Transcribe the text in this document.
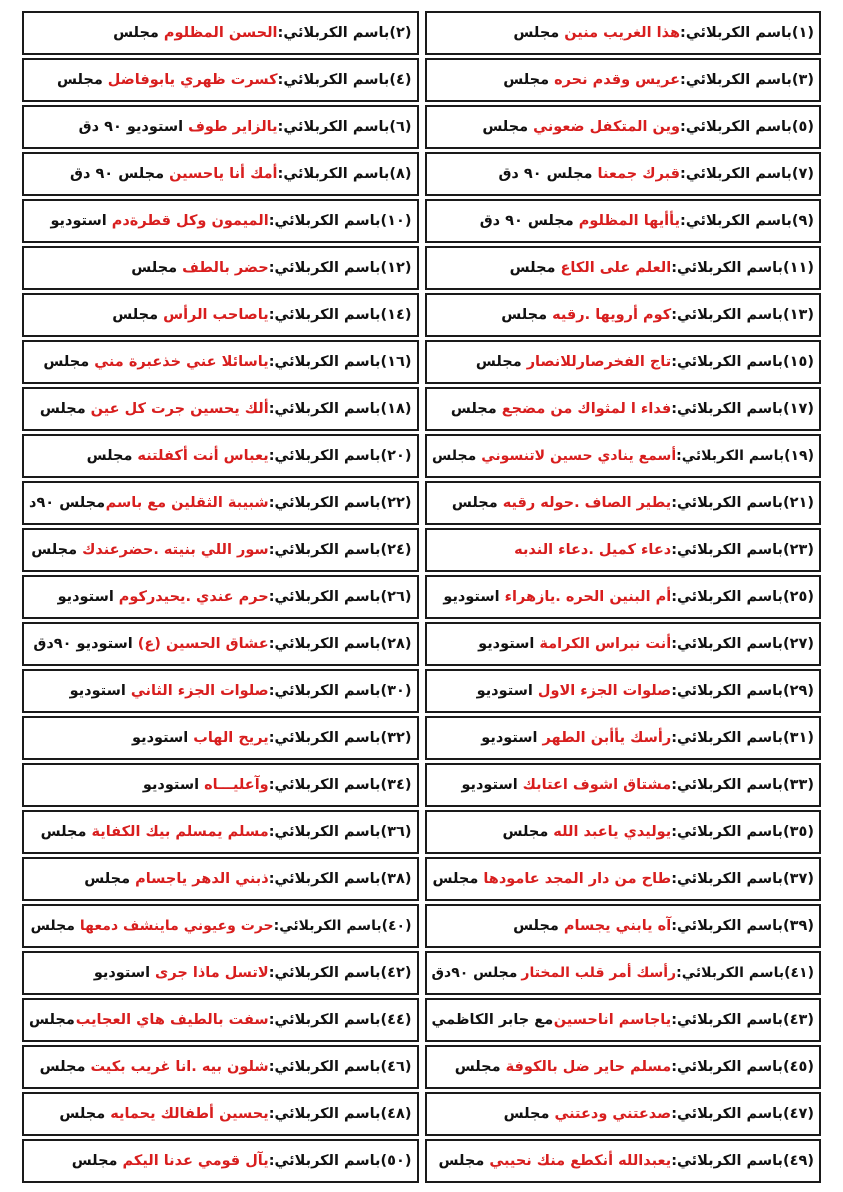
(١)
باسم الكربلائي
:
هذا الغريب منين
مجلس
(٢)
باسم الكربلائي
:
الحسن المظلوم
مجلس
(٣)
باسم الكربلائي
:
عريس وقدم نحره
مجلس
(٤)
باسم الكربلائي
:
كسرت ظهري يابوفاضل
مجلس
(٥)
باسم الكربلائي
:
وين المتكفل ضعوني
مجلس
(٦)
باسم الكربلائي
:
يالزاير طوف
استوديو ٩٠ دق
(٧)
باسم الكربلائي
:
قبرك جمعنا
مجلس ٩٠ دق
(٨)
باسم الكربلائي
:
أمك أنا ياحسين
مجلس ٩٠ دق
(٩)
باسم الكربلائي
:
يأأيها المظلوم
مجلس ٩٠ دق
(١٠)
باسم الكربلائي
:
الميمون وكل قطرةدم
استوديو
(١١)
باسم الكربلائي
:
العلم على الكاع
مجلس
(١٢)
باسم الكربلائي
:
حضر بالطف
مجلس
(١٣)
باسم الكربلائي
:
كوم أرويها .رقيه
مجلس
(١٤)
باسم الكربلائي
:
ياصاحب الرأس
مجلس
(١٥)
باسم الكربلائي
:
تاج الفخرصارللانصار
مجلس
(١٦)
باسم الكربلائي
:
ياسائلا عني خذعبرة مني
مجلس
(١٧)
باسم الكربلائي
:
فداء ا لمثواك من مضجع
مجلس
(١٨)
باسم الكربلائي
:
ألك يحسين جرت كل عين
مجلس
(١٩)
باسم الكربلائي
:
أسمع ينادي حسين لاتنسوني
مجلس
(٢٠)
باسم الكربلائي
:
يعباس أنت أكفلتنه
مجلس
(٢١)
باسم الكربلائي
:
يطير الصاف .حوله رقيه
مجلس
(٢٢)
باسم الكربلائي
:
شبيبة الثقلين مع باسم
مجلس ٩٠د
(٢٣)
باسم الكربلائي
:
دعاء كميل .دعاء الندبه
(٢٤)
باسم الكربلائي
:
سور اللي بنيته .حضرعندك
مجلس
(٢٥)
باسم الكربلائي
:
أم البنين الحره .يازهراء
استوديو
(٢٦)
باسم الكربلائي
:
حرم عندي .يحيدركوم
استوديو
(٢٧)
باسم الكربلائي
:
أنت نبراس الكرامة
استوديو
(٢٨)
باسم الكربلائي
:
عشاق الحسين (ع)
استوديو ٩٠دق
(٢٩)
باسم الكربلائي
:
صلوات الجزء الاول
استوديو
(٣٠)
باسم الكربلائي
:
صلوات الجزء الثاني
استوديو
(٣١)
باسم الكربلائي
:
رأسك يأأبن الطهر
استوديو
(٣٢)
باسم الكربلائي
:
يريح الهاب
استوديو
(٣٣)
باسم الكربلائي
:
مشتاق اشوف اعتابك
استوديو
(٣٤)
باسم الكربلائي
:
وآعليـــاه
استوديو
(٣٥)
باسم الكربلائي
:
يوليدي ياعبد الله
مجلس
(٣٦)
باسم الكربلائي
:
مسلم يمسلم بيك الكفاية
مجلس
(٣٧)
باسم الكربلائي
:
طاح من دار المجد عامودها
مجلس
(٣٨)
باسم الكربلائي
:
ذبني الدهر ياجسام
مجلس
(٣٩)
باسم الكربلائي
:
آه يابني يجسام
مجلس
(٤٠)
باسم الكربلائي
:
حرت وعيوني ماينشف دمعها
مجلس
(٤١)
باسم الكربلائي
:
رأسك أمر قلب المختار
مجلس ٩٠دق
(٤٢)
باسم الكربلائي
:
لاتسل ماذا جرى
استوديو
(٤٣)
باسم الكربلائي
:
ياجاسم اناحسين
مع جابر الكاظمي
(٤٤)
باسم الكربلائي
:
سفت بالطيف هاي العجايب
مجلس
(٤٥)
باسم الكربلائي
:
مسلم حاير ضل بالكوفة
مجلس
(٤٦)
باسم الكربلائي
:
شلون بيه .انا غريب بكيت
مجلس
(٤٧)
باسم الكربلائي
:
صدعتني ودعتني
مجلس
(٤٨)
باسم الكربلائي
:
يحسين أطفالك يحمايه
مجلس
(٤٩)
باسم الكربلائي
:
يعبدالله أنكطع منك نحيبي
مجلس
(٥٠)
باسم الكربلائي
:
يآل قومي عدنا اليكم
مجلس
